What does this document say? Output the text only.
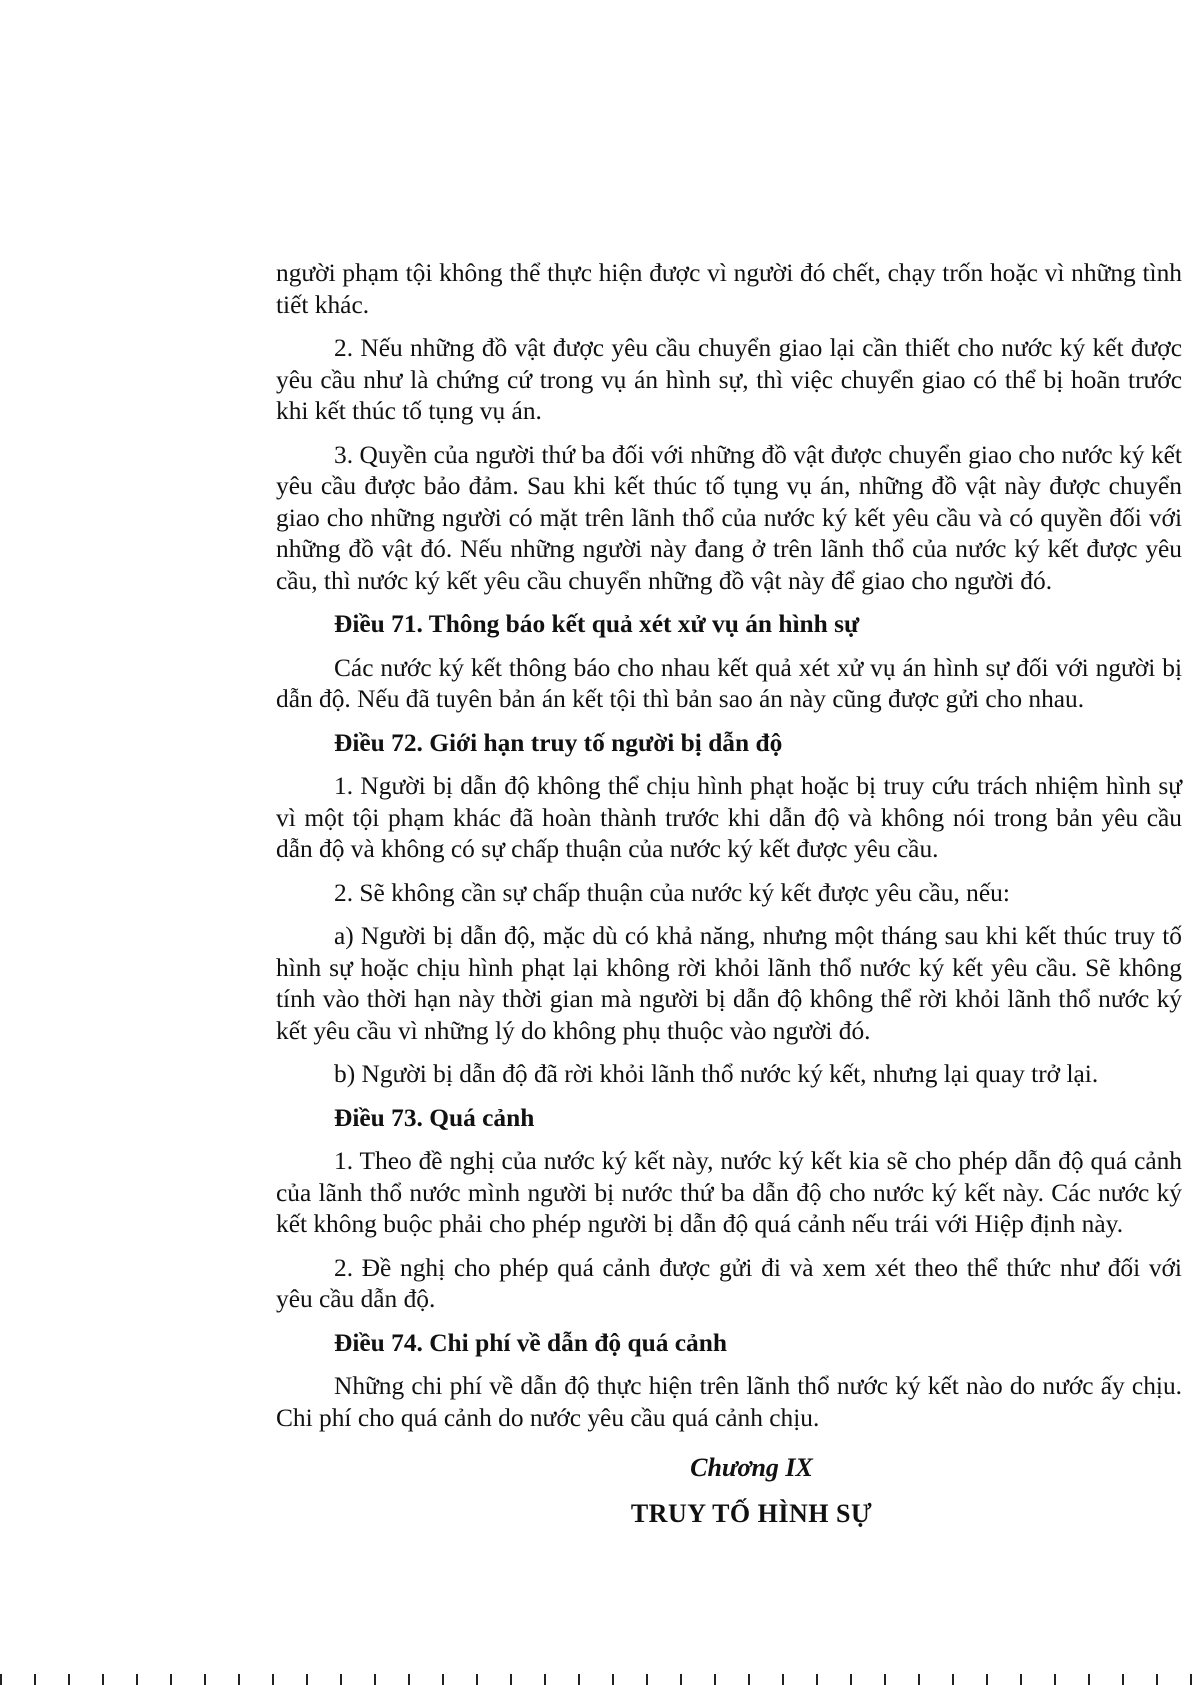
người phạm tội không thể thực hiện được vì người đó chết, chạy trốn hoặc vì những tình tiết khác.

2. Nếu những đồ vật được yêu cầu chuyển giao lại cần thiết cho nước ký kết được yêu cầu như là chứng cứ trong vụ án hình sự, thì việc chuyển giao có thể bị hoãn trước khi kết thúc tố tụng vụ án.

3. Quyền của người thứ ba đối với những đồ vật được chuyển giao cho nước ký kết yêu cầu được bảo đảm. Sau khi kết thúc tố tụng vụ án, những đồ vật này được chuyển giao cho những người có mặt trên lãnh thổ của nước ký kết yêu cầu và có quyền đối với những đồ vật đó. Nếu những người này đang ở trên lãnh thổ của nước ký kết được yêu cầu, thì nước ký kết yêu cầu chuyển những đồ vật này để giao cho người đó.

Điều 71. Thông báo kết quả xét xử vụ án hình sự

Các nước ký kết thông báo cho nhau kết quả xét xử vụ án hình sự đối với người bị dẫn độ. Nếu đã tuyên bản án kết tội thì bản sao án này cũng được gửi cho nhau.

Điều 72. Giới hạn truy tố người bị dẫn độ

1. Người bị dẫn độ không thể chịu hình phạt hoặc bị truy cứu trách nhiệm hình sự vì một tội phạm khác đã hoàn thành trước khi dẫn độ và không nói trong bản yêu cầu dẫn độ và không có sự chấp thuận của nước ký kết được yêu cầu.

2. Sẽ không cần sự chấp thuận của nước ký kết được yêu cầu, nếu:

a) Người bị dẫn độ, mặc dù có khả năng, nhưng một tháng sau khi kết thúc truy tố hình sự hoặc chịu hình phạt lại không rời khỏi lãnh thổ nước ký kết yêu cầu. Sẽ không tính vào thời hạn này thời gian mà người bị dẫn độ không thể rời khỏi lãnh thổ nước ký kết yêu cầu vì những lý do không phụ thuộc vào người đó.

b) Người bị dẫn độ đã rời khỏi lãnh thổ nước ký kết, nhưng lại quay trở lại.

Điều 73. Quá cảnh

1. Theo đề nghị của nước ký kết này, nước ký kết kia sẽ cho phép dẫn độ quá cảnh của lãnh thổ nước mình người bị nước thứ ba dẫn độ cho nước ký kết này. Các nước ký kết không buộc phải cho phép người bị dẫn độ quá cảnh nếu trái với Hiệp định này.

2. Đề nghị cho phép quá cảnh được gửi đi và xem xét theo thể thức như đối với yêu cầu dẫn độ.

Điều 74. Chi phí về dẫn độ quá cảnh

Những chi phí về dẫn độ thực hiện trên lãnh thổ nước ký kết nào do nước ấy chịu. Chi phí cho quá cảnh do nước yêu cầu quá cảnh chịu.

Chương IX
TRUY TỐ HÌNH SỰ
